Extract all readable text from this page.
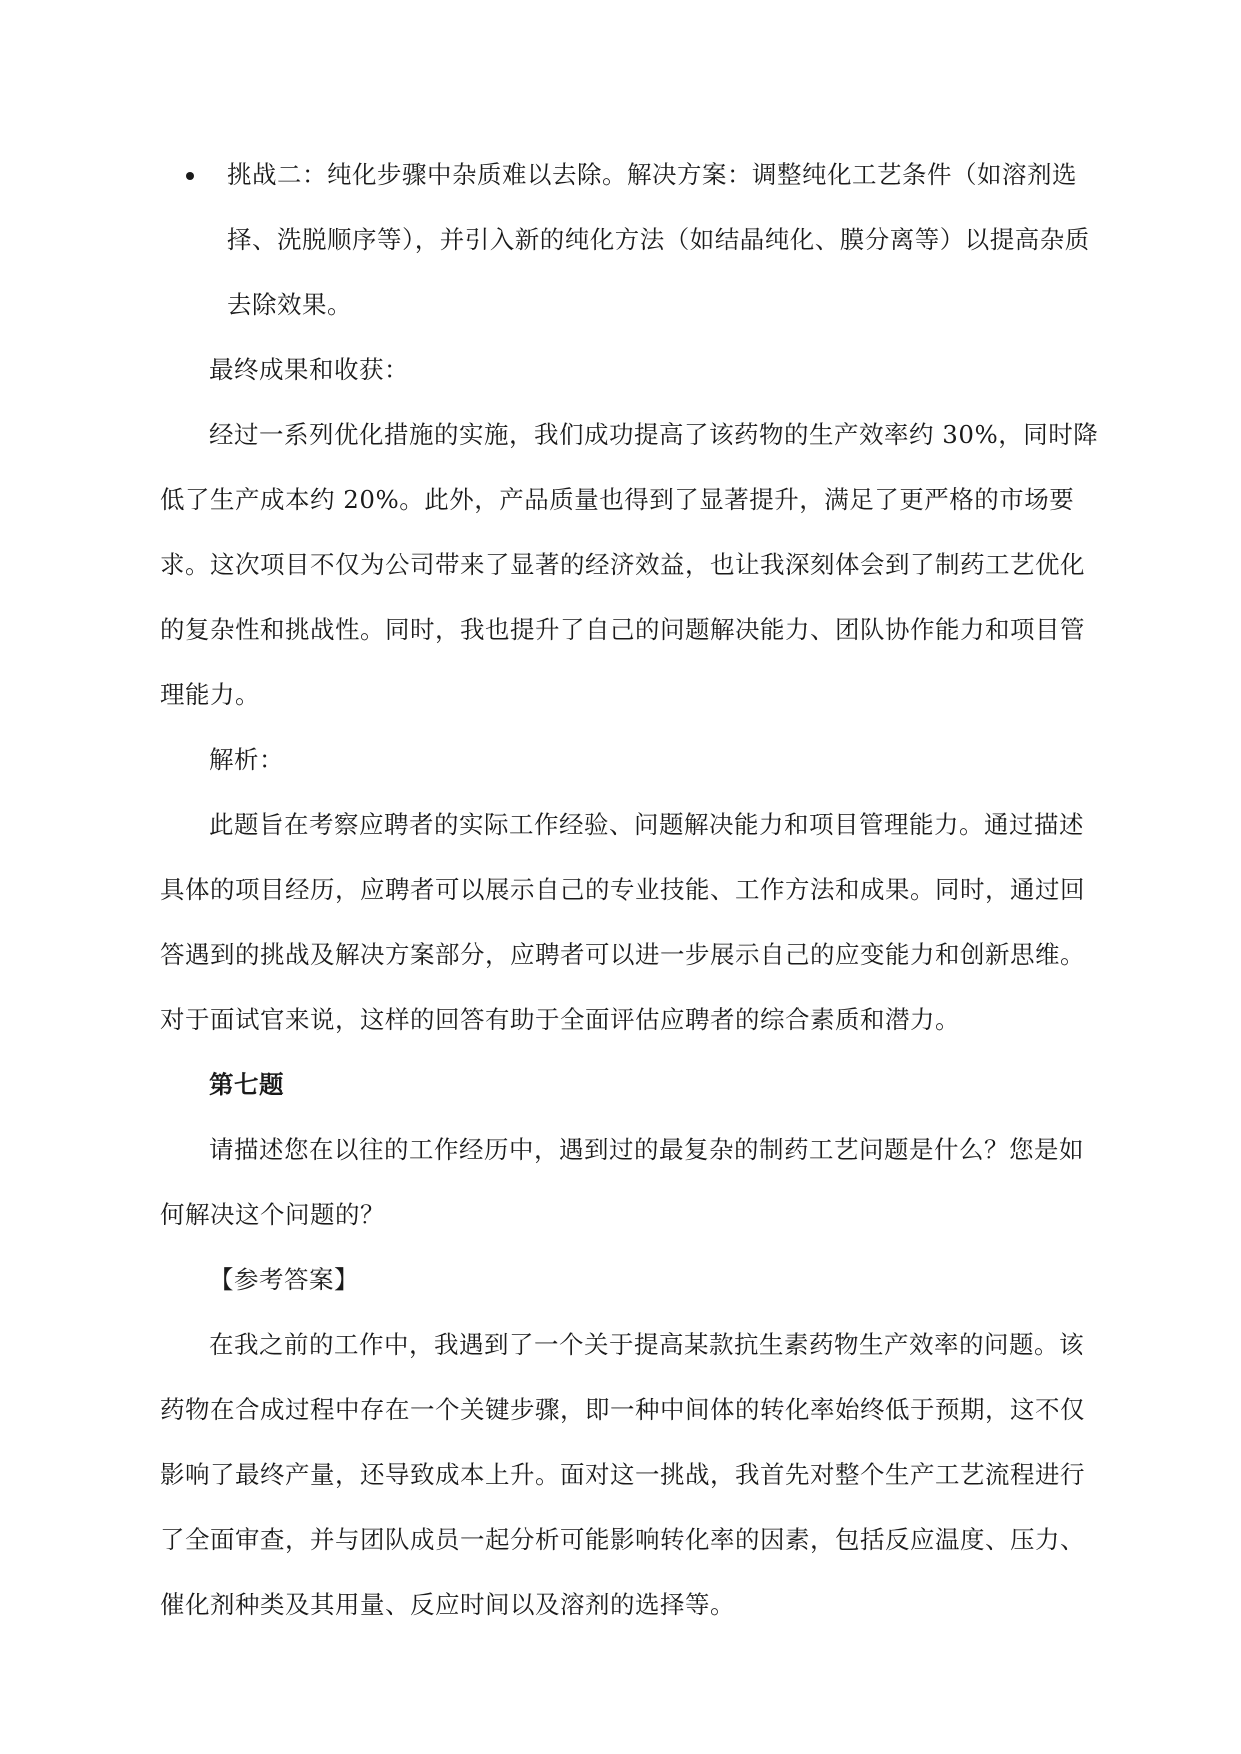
挑战二：纯化步骤中杂质难以去除。解决方案：调整纯化工艺条件（如溶剂选择、洗脱顺序等），并引入新的纯化方法（如结晶纯化、膜分离等）以提高杂质去除效果。

最终成果和收获：

经过一系列优化措施的实施，我们成功提高了该药物的生产效率约 30%，同时降低了生产成本约 20%。此外，产品质量也得到了显著提升，满足了更严格的市场要求。这次项目不仅为公司带来了显著的经济效益，也让我深刻体会到了制药工艺优化的复杂性和挑战性。同时，我也提升了自己的问题解决能力、团队协作能力和项目管理能力。

解析：

此题旨在考察应聘者的实际工作经验、问题解决能力和项目管理能力。通过描述具体的项目经历，应聘者可以展示自己的专业技能、工作方法和成果。同时，通过回答遇到的挑战及解决方案部分，应聘者可以进一步展示自己的应变能力和创新思维。对于面试官来说，这样的回答有助于全面评估应聘者的综合素质和潜力。

第七题

请描述您在以往的工作经历中，遇到过的最复杂的制药工艺问题是什么？您是如何解决这个问题的？

【参考答案】

在我之前的工作中，我遇到了一个关于提高某款抗生素药物生产效率的问题。该药物在合成过程中存在一个关键步骤，即一种中间体的转化率始终低于预期，这不仅影响了最终产量，还导致成本上升。面对这一挑战，我首先对整个生产工艺流程进行了全面审查，并与团队成员一起分析可能影响转化率的因素，包括反应温度、压力、催化剂种类及其用量、反应时间以及溶剂的选择等。
